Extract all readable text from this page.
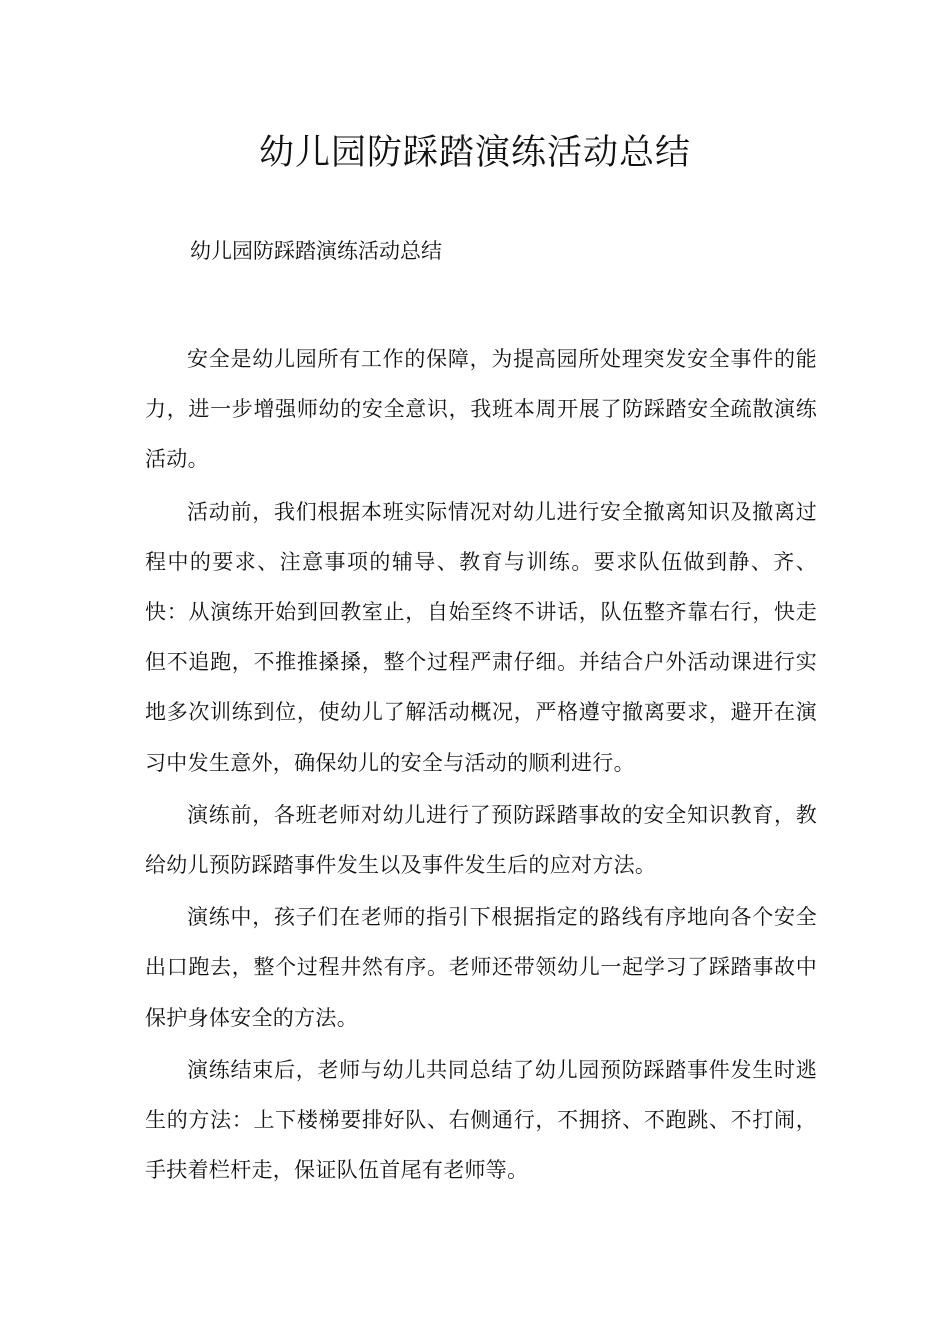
幼儿园防踩踏演练活动总结

幼儿园防踩踏演练活动总结

安全是幼儿园所有工作的保障，为提高园所处理突发安全事件的能力，进一步增强师幼的安全意识，我班本周开展了防踩踏安全疏散演练活动。

活动前，我们根据本班实际情况对幼儿进行安全撤离知识及撤离过程中的要求、注意事项的辅导、教育与训练。要求队伍做到静、齐、快：从演练开始到回教室止，自始至终不讲话，队伍整齐靠右行，快走但不追跑，不推推搡搡，整个过程严肃仔细。并结合户外活动课进行实地多次训练到位，使幼儿了解活动概况，严格遵守撤离要求，避开在演习中发生意外，确保幼儿的安全与活动的顺利进行。

演练前，各班老师对幼儿进行了预防踩踏事故的安全知识教育，教给幼儿预防踩踏事件发生以及事件发生后的应对方法。

演练中，孩子们在老师的指引下根据指定的路线有序地向各个安全出口跑去，整个过程井然有序。老师还带领幼儿一起学习了踩踏事故中保护身体安全的方法。

演练结束后，老师与幼儿共同总结了幼儿园预防踩踏事件发生时逃生的方法：上下楼梯要排好队、右侧通行，不拥挤、不跑跳、不打闹，手扶着栏杆走，保证队伍首尾有老师等。
